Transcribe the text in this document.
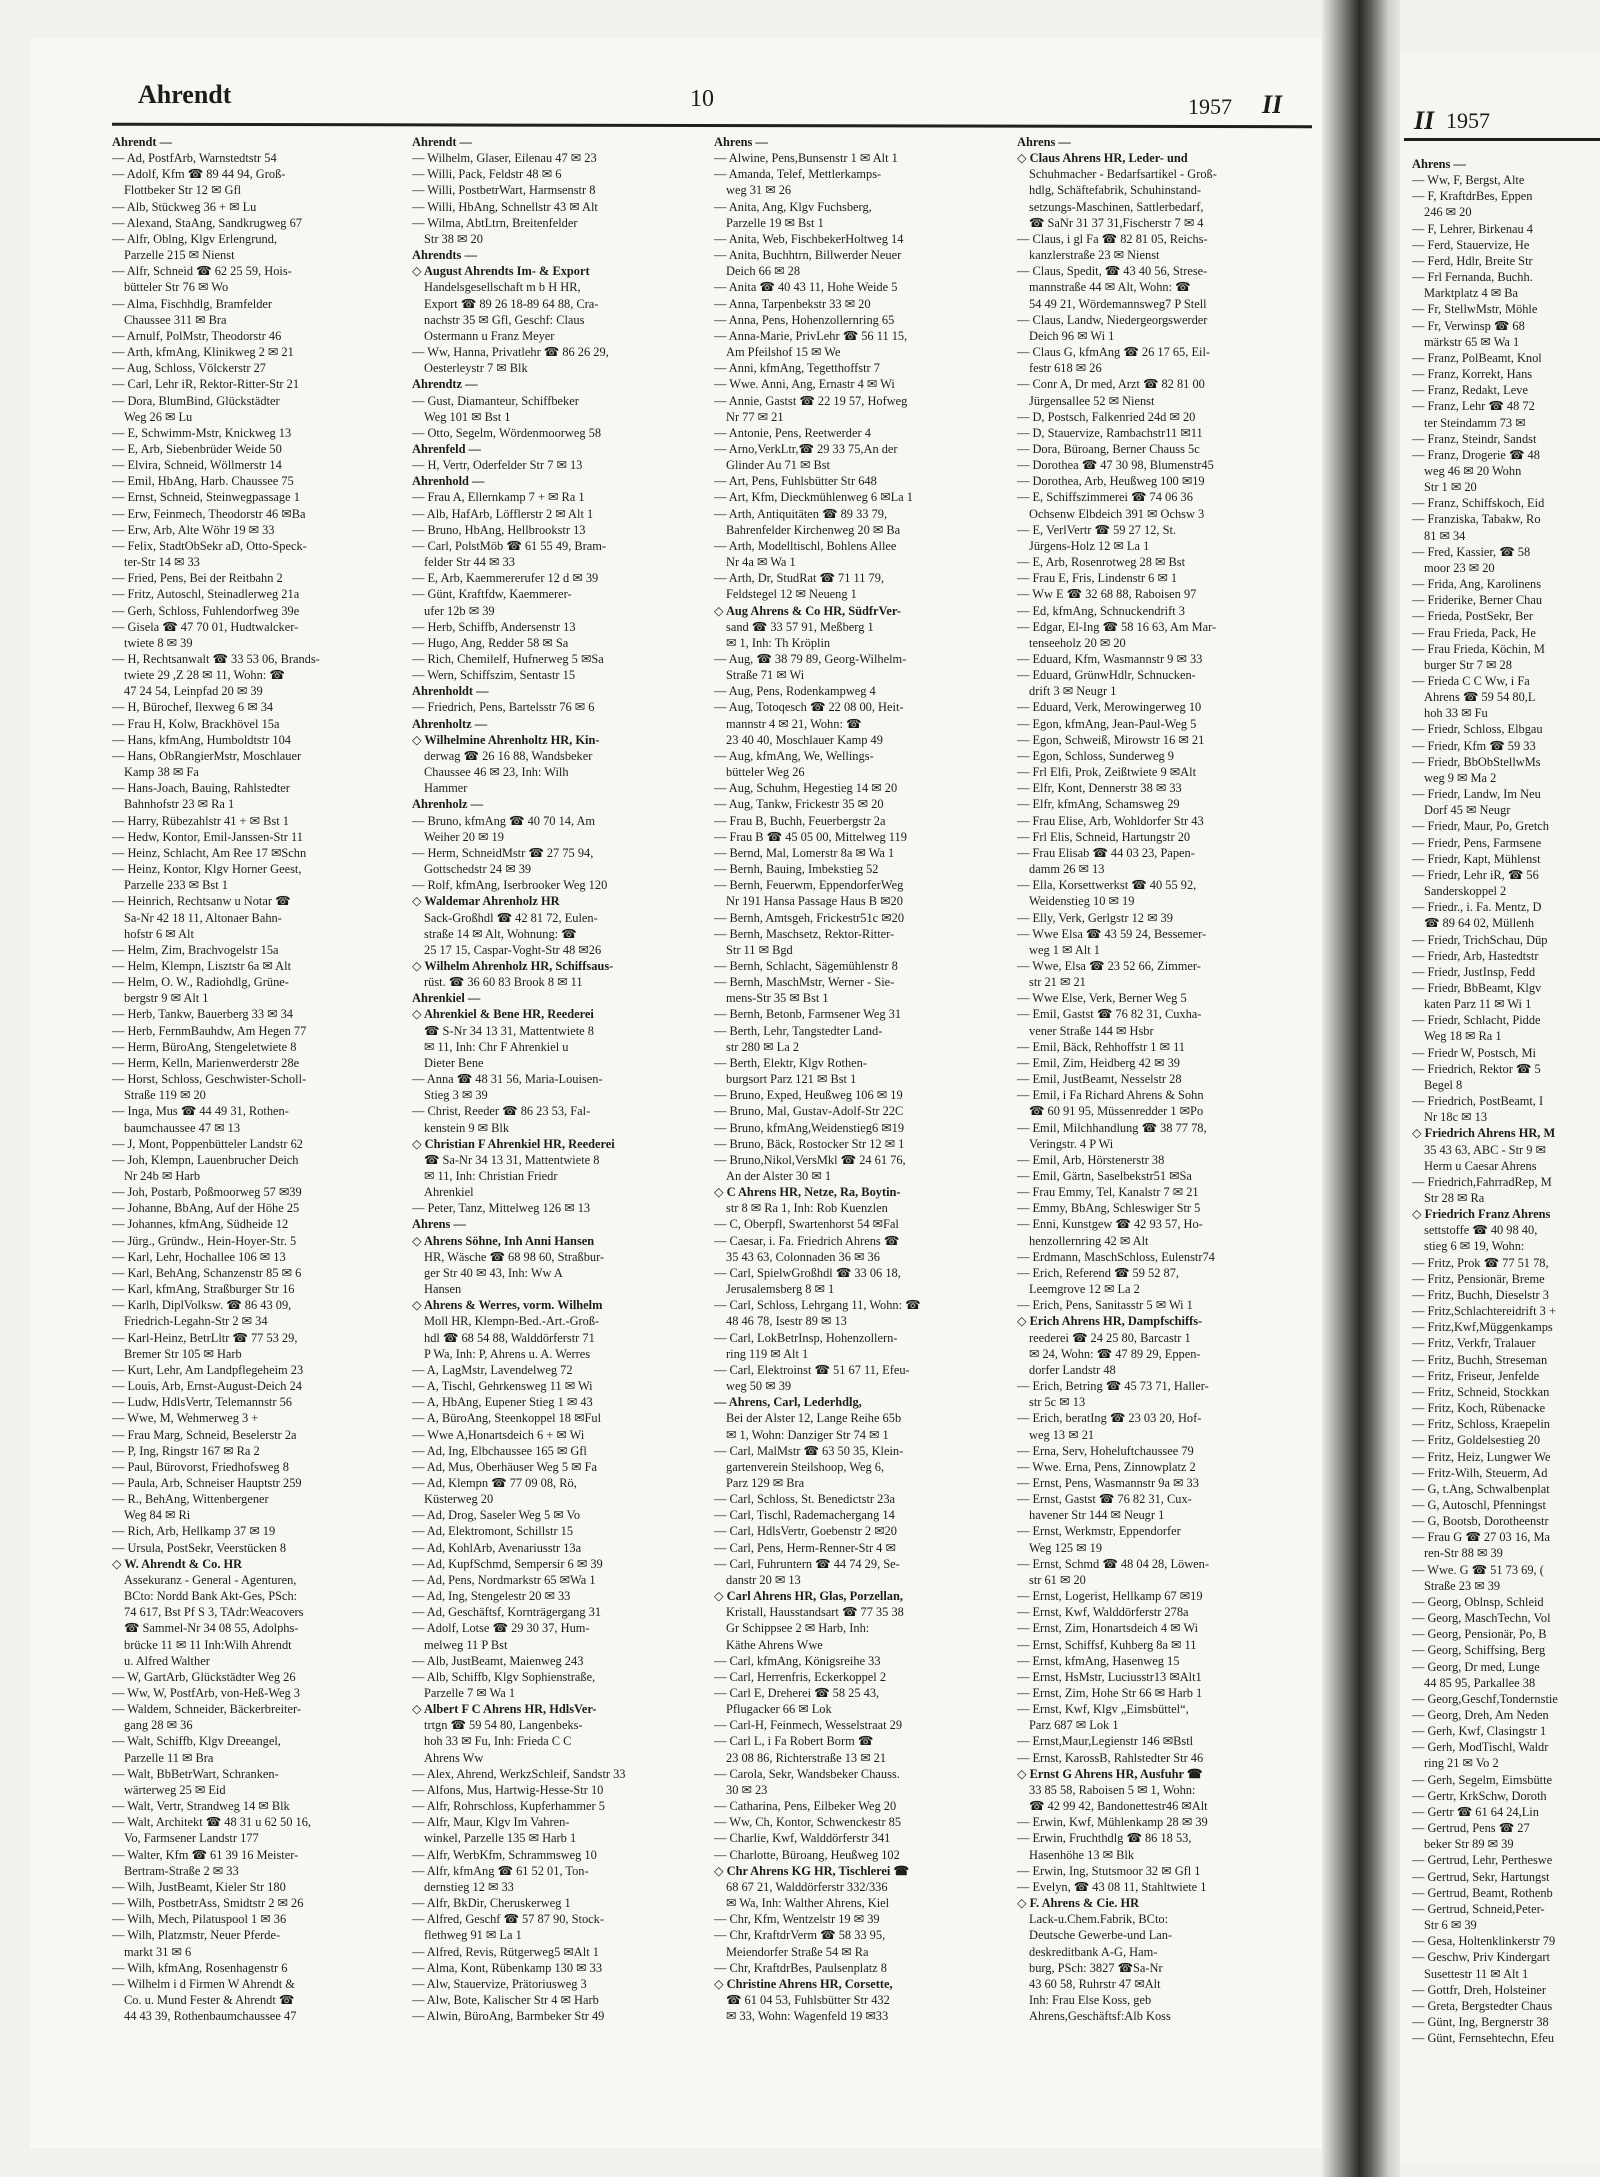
Ahrendt	10	1957 II
II 1957
Ahrendt —
— Ad, PostfArb, Warnstedtstr 54
— Adolf, Kfm ☎ 89 44 94, Groß-
Flottbeker Str 12 ✉ Gfl
— Alb, Stückweg 36 + ✉ Lu
— Alexand, StaAng, Sandkrugweg 67
— Alfr, Oblng, Klgv Erlengrund,
Parzelle 215 ✉ Nienst
— Alfr, Schneid ☎ 62 25 59, Hois-
bütteler Str 76 ✉ Wo
— Alma, Fischhdlg, Bramfelder
Chaussee 311 ✉ Bra
— Arnulf, PolMstr, Theodorstr 46
— Arth, kfmAng, Klinikweg 2 ✉ 21
— Aug, Schloss, Völckerstr 27
— Carl, Lehr iR, Rektor-Ritter-Str 21
— Dora, BlumBind, Glückstädter
Weg 26 ✉ Lu
— E, Schwimm-Mstr, Knickweg 13
— E, Arb, Siebenbrüder Weide 50
— Elvira, Schneid, Wöllmerstr 14
— Emil, HbAng, Harb. Chaussee 75
— Ernst, Schneid, Steinwegpassage 1
— Erw, Feinmech, Theodorstr 46 ✉Ba
— Erw, Arb, Alte Wöhr 19 ✉ 33
— Felix, StadtObSekr aD, Otto-Speck-
ter-Str 14 ✉ 33
— Fried, Pens, Bei der Reitbahn 2
— Fritz, Autoschl, Steinadlerweg 21a
— Gerh, Schloss, Fuhlendorfweg 39e
— Gisela ☎ 47 70 01, Hudtwalcker-
twiete 8 ✉ 39
— H, Rechtsanwalt ☎ 33 53 06, Brands-
twiete 29 ,Z 28 ✉ 11, Wohn: ☎
47 24 54, Leinpfad 20 ✉ 39
— H, Bürochef, Ilexweg 6 ✉ 34
— Frau H, Kolw, Brackhövel 15a
— Hans, kfmAng, Humboldtstr 104
— Hans, ObRangierMstr, Moschlauer
Kamp 38 ✉ Fa
— Hans-Joach, Bauing, Rahlstedter
Bahnhofstr 23 ✉ Ra 1
— Harry, Rübezahlstr 41 + ✉ Bst 1
— Hedw, Kontor, Emil-Janssen-Str 11
— Heinz, Schlacht, Am Ree 17 ✉Schn
— Heinz, Kontor, Klgv Horner Geest,
Parzelle 233 ✉ Bst 1
— Heinrich, Rechtsanw u Notar ☎
Sa-Nr 42 18 11, Altonaer Bahn-
hofstr 6 ✉ Alt
— Helm, Zim, Brachvogelstr 15a
— Helm, Klempn, Lisztstr 6a ✉ Alt
— Helm, O. W., Radiohdlg, Grüne-
bergstr 9 ✉ Alt 1
— Herb, Tankw, Bauerberg 33 ✉ 34
— Herb, FernmBauhdw, Am Hegen 77
— Herm, BüroAng, Stengeletwiete 8
— Herm, Kelln, Marienwerderstr 28e
— Horst, Schloss, Geschwister-Scholl-
Straße 119 ✉ 20
— Inga, Mus ☎ 44 49 31, Rothen-
baumchaussee 47 ✉ 13
— J, Mont, Poppenbütteler Landstr 62
— Joh, Klempn, Lauenbrucher Deich
Nr 24b ✉ Harb
— Joh, Postarb, Poßmoorweg 57 ✉39
— Johanne, BbAng, Auf der Höhe 25
— Johannes, kfmAng, Südheide 12
— Jürg., Gründw., Hein-Hoyer-Str. 5
— Karl, Lehr, Hochallee 106 ✉ 13
— Karl, BehAng, Schanzenstr 85 ✉ 6
— Karl, kfmAng, Straßburger Str 16
— Karlh, DiplVolksw. ☎ 86 43 09,
Friedrich-Legahn-Str 2 ✉ 34
— Karl-Heinz, BetrLltr ☎ 77 53 29,
Bremer Str 105 ✉ Harb
— Kurt, Lehr, Am Landpflegeheim 23
— Louis, Arb, Ernst-August-Deich 24
— Ludw, HdlsVertr, Telemannstr 56
— Wwe, M, Wehmerweg 3 +
— Frau Marg, Schneid, Beselerstr 2a
— P, Ing, Ringstr 167 ✉ Ra 2
— Paul, Bürovorst, Friedhofsweg 8
— Paula, Arb, Schneiser Hauptstr 259
— R., BehAng, Wittenbergener
Weg 84 ✉ Ri
— Rich, Arb, Hellkamp 37 ✉ 19
— Ursula, PostSekr, Veerstücken 8
◇ W. Ahrendt & Co. HR
Assekuranz - General - Agenturen,
BCto: Nordd Bank Akt-Ges, PSch:
74 617, Bst Pf S 3, TAdr:Weacovers
☎ Sammel-Nr 34 08 55, Adolphs-
brücke 11 ✉ 11 Inh:Wilh Ahrendt
u. Alfred Walther
— W, GartArb, Glückstädter Weg 26
— Ww, W, PostfArb, von-Heß-Weg 3
— Waldem, Schneider, Bäckerbreiter-
gang 28 ✉ 36
— Walt, Schiffb, Klgv Dreeangel,
Parzelle 11 ✉ Bra
— Walt, BbBetrWart, Schranken-
wärterweg 25 ✉ Eid
— Walt, Vertr, Strandweg 14 ✉ Blk
— Walt, Architekt ☎ 48 31 u 62 50 16,
Vo, Farmsener Landstr 177
— Walter, Kfm ☎ 61 39 16 Meister-
Bertram-Straße 2 ✉ 33
— Wilh, JustBeamt, Kieler Str 180
— Wilh, PostbetrAss, Smidtstr 2 ✉ 26
— Wilh, Mech, Pilatuspool 1 ✉ 36
— Wilh, Platzmstr, Neuer Pferde-
markt 31 ✉ 6
— Wilh, kfmAng, Rosenhagenstr 6
— Wilhelm i d Firmen W Ahrendt &
Co. u. Mund Fester & Ahrendt ☎
44 43 39, Rothenbaumchaussee 47
Ahrendt —
— Wilhelm, Glaser, Eilenau 47 ✉ 23
— Willi, Pack, Feldstr 48 ✉ 6
— Willi, PostbetrWart, Harmsenstr 8
— Willi, HbAng, Schnellstr 43 ✉ Alt
— Wilma, AbtLtrn, Breitenfelder
Str 38 ✉ 20
Ahrendts —
◇ August Ahrendts Im- & Export
Handelsgesellschaft m b H HR,
Export ☎ 89 26 18-89 64 88, Cra-
nachstr 35 ✉ Gfl, Geschf: Claus
Ostermann u Franz Meyer
— Ww, Hanna, Privatlehr ☎ 86 26 29,
Oesterleystr 7 ✉ Blk
Ahrendtz —
— Gust, Diamanteur, Schiffbeker
Weg 101 ✉ Bst 1
— Otto, Segelm, Wördenmoorweg 58
Ahrenfeld —
— H, Vertr, Oderfelder Str 7 ✉ 13
Ahrenhold —
— Frau A, Ellernkamp 7 + ✉ Ra 1
— Alb, HafArb, Löfflerstr 2 ✉ Alt 1
— Bruno, HbAng, Hellbrookstr 13
— Carl, PolstMöb ☎ 61 55 49, Bram-
felder Str 44 ✉ 33
— E, Arb, Kaemmererufer 12 d ✉ 39
— Günt, Kraftfdw, Kaemmerer-
ufer 12b ✉ 39
— Herb, Schiffb, Andersenstr 13
— Hugo, Ang, Redder 58 ✉ Sa
— Rich, Chemilelf, Hufnerweg 5 ✉Sa
— Wern, Schiffszim, Sentastr 15
Ahrenholdt —
— Friedrich, Pens, Bartelsstr 76 ✉ 6
Ahrenholtz —
◇ Wilhelmine Ahrenholtz HR, Kin-
derwag ☎ 26 16 88, Wandsbeker
Chaussee 46 ✉ 23, Inh: Wilh
Hammer
Ahrenholz —
— Bruno, kfmAng ☎ 40 70 14, Am
Weiher 20 ✉ 19
— Herm, SchneidMstr ☎ 27 75 94,
Gottschedstr 24 ✉ 39
— Rolf, kfmAng, Iserbrooker Weg 120
◇ Waldemar Ahrenholz HR
Sack-Großhdl ☎ 42 81 72, Eulen-
straße 14 ✉ Alt, Wohnung: ☎
25 17 15, Caspar-Voght-Str 48 ✉26
◇ Wilhelm Ahrenholz HR, Schiffsaus-
rüst. ☎ 36 60 83 Brook 8 ✉ 11
Ahrenkiel —
◇ Ahrenkiel & Bene HR, Reederei
☎ S-Nr 34 13 31, Mattentwiete 8
✉ 11, Inh: Chr F Ahrenkiel u
Dieter Bene
— Anna ☎ 48 31 56, Maria-Louisen-
Stieg 3 ✉ 39
— Christ, Reeder ☎ 86 23 53, Fal-
kenstein 9 ✉ Blk
◇ Christian F Ahrenkiel HR, Reederei
☎ Sa-Nr 34 13 31, Mattentwiete 8
✉ 11, Inh: Christian Friedr
Ahrenkiel
— Peter, Tanz, Mittelweg 126 ✉ 13
Ahrens —
◇ Ahrens Söhne, Inh Anni Hansen
HR, Wäsche ☎ 68 98 60, Straßbur-
ger Str 40 ✉ 43, Inh: Ww A
Hansen
◇ Ahrens & Werres, vorm. Wilhelm
Moll HR, Klempn-Bed.-Art.-Groß-
hdl ☎ 68 54 88, Walddörferstr 71
P Wa, Inh: P, Ahrens u. A. Werres
— A, LagMstr, Lavendelweg 72
— A, Tischl, Gehrkensweg 11 ✉ Wi
— A, HbAng, Eupener Stieg 1 ✉ 43
— A, BüroAng, Steenkoppel 18 ✉Ful
— Wwe A,Honartsdeich 6 + ✉ Wi
— Ad, Ing, Elbchaussee 165 ✉ Gfl
— Ad, Mus, Oberhäuser Weg 5 ✉ Fa
— Ad, Klempn ☎ 77 09 08, Rö,
Küsterweg 20
— Ad, Drog, Saseler Weg 5 ✉ Vo
— Ad, Elektromont, Schillstr 15
— Ad, KohlArb, Avenariusstr 13a
— Ad, KupfSchmd, Sempersir 6 ✉ 39
— Ad, Pens, Nordmarkstr 65 ✉Wa 1
— Ad, Ing, Stengelestr 20 ✉ 33
— Ad, Geschäftsf, Kornträgergang 31
— Adolf, Lotse ☎ 29 30 37, Hum-
melweg 11 P Bst
— Alb, JustBeamt, Maienweg 243
— Alb, Schiffb, Klgv Sophienstraße,
Parzelle 7 ✉ Wa 1
◇ Albert F C Ahrens HR, HdlsVer-
trtgn ☎ 59 54 80, Langenbeks-
hoh 33 ✉ Fu, Inh: Frieda C C
Ahrens Ww
— Alex, Ahrend, WerkzSchleif, Sandstr 33
— Alfons, Mus, Hartwig-Hesse-Str 10
— Alfr, Rohrschloss, Kupferhammer 5
— Alfr, Maur, Klgv Im Vahren-
winkel, Parzelle 135 ✉ Harb 1
— Alfr, WerbKfm, Schrammsweg 10
— Alfr, kfmAng ☎ 61 52 01, Ton-
dernstieg 12 ✉ 33
— Alfr, BkDir, Cheruskerweg 1
— Alfred, Geschf ☎ 57 87 90, Stock-
flethweg 91 ✉ La 1
— Alfred, Revis, Rütgerweg5 ✉Alt 1
— Alma, Kont, Rübenkamp 130 ✉ 33
— Alw, Stauervize, Prätoriusweg 3
— Alw, Bote, Kalischer Str 4 ✉ Harb
— Alwin, BüroAng, Barmbeker Str 49
Ahrens —
— Alwine, Pens,Bunsenstr 1 ✉ Alt 1
— Amanda, Telef, Mettlerkamps-
weg 31 ✉ 26
— Anita, Ang, Klgv Fuchsberg,
Parzelle 19 ✉ Bst 1
— Anita, Web, FischbekerHoltweg 14
— Anita, Buchhtrn, Billwerder Neuer
Deich 66 ✉ 28
— Anita ☎ 40 43 11, Hohe Weide 5
— Anna, Tarpenbekstr 33 ✉ 20
— Anna, Pens, Hohenzollernring 65
— Anna-Marie, PrivLehr ☎ 56 11 15,
Am Pfeilshof 15 ✉ We
— Anni, kfmAng, Tegetthoffstr 7
— Wwe. Anni, Ang, Ernastr 4 ✉ Wi
— Annie, Gastst ☎ 22 19 57, Hofweg
Nr 77 ✉ 21
— Antonie, Pens, Reetwerder 4
— Arno,VerkLtr,☎ 29 33 75,An der
Glinder Au 71 ✉ Bst
— Art, Pens, Fuhlsbütter Str 648
— Art, Kfm, Dieckmühlenweg 6 ✉La 1
— Arth, Antiquitäten ☎ 89 33 79,
Bahrenfelder Kirchenweg 20 ✉ Ba
— Arth, Modelltischl, Bohlens Allee
Nr 4a ✉ Wa 1
— Arth, Dr, StudRat ☎ 71 11 79,
Feldstegel 12 ✉ Neueng 1
◇ Aug Ahrens & Co HR, SüdfrVer-
sand ☎ 33 57 91, Meßberg 1
✉ 1, Inh: Th Kröplin
— Aug, ☎ 38 79 89, Georg-Wilhelm-
Straße 71 ✉ Wi
— Aug, Pens, Rodenkampweg 4
— Aug, Totoqesch ☎ 22 08 00, Heit-
mannstr 4 ✉ 21, Wohn: ☎
23 40 40, Moschlauer Kamp 49
— Aug, kfmAng, We, Wellings-
bütteler Weg 26
— Aug, Schuhm, Hegestieg 14 ✉ 20
— Aug, Tankw, Frickestr 35 ✉ 20
— Frau B, Buchh, Feuerbergstr 2a
— Frau B ☎ 45 05 00, Mittelweg 119
— Bernd, Mal, Lomerstr 8a ✉ Wa 1
— Bernh, Bauing, Imbekstieg 52
— Bernh, Feuerwm, EppendorferWeg
Nr 191 Hansa Passage Haus B ✉20
— Bernh, Amtsgeh, Frickestr51c ✉20
— Bernh, Maschsetz, Rektor-Ritter-
Str 11 ✉ Bgd
— Bernh, Schlacht, Sägemühlenstr 8
— Bernh, MaschMstr, Werner - Sie-
mens-Str 35 ✉ Bst 1
— Bernh, Betonb, Farmsener Weg 31
— Berth, Lehr, Tangstedter Land-
str 280 ✉ La 2
— Berth, Elektr, Klgv Rothen-
burgsort Parz 121 ✉ Bst 1
— Bruno, Exped, Heußweg 106 ✉ 19
— Bruno, Mal, Gustav-Adolf-Str 22C
— Bruno, kfmAng,Weidenstieg6 ✉19
— Bruno, Bäck, Rostocker Str 12 ✉ 1
— Bruno,Nikol,VersMkl ☎ 24 61 76,
An der Alster 30 ✉ 1
◇ C Ahrens HR, Netze, Ra, Boytin-
str 8 ✉ Ra 1, Inh: Rob Kuenzlen
— C, Oberpfl, Swartenhorst 54 ✉Fal
— Caesar, i. Fa. Friedrich Ahrens ☎
35 43 63, Colonnaden 36 ✉ 36
— Carl, SpielwGroßhdl ☎ 33 06 18,
Jerusalemsberg 8 ✉ 1
— Carl, Schloss, Lehrgang 11, Wohn: ☎
48 46 78, Isestr 89 ✉ 13
— Carl, LokBetrInsp, Hohenzollern-
ring 119 ✉ Alt 1
— Carl, Elektroinst ☎ 51 67 11, Efeu-
weg 50 ✉ 39
— Ahrens, Carl, Lederhdlg,
Bei der Alster 12, Lange Reihe 65b
✉ 1, Wohn: Danziger Str 74 ✉ 1
— Carl, MalMstr ☎ 63 50 35, Klein-
gartenverein Steilshoop, Weg 6,
Parz 129 ✉ Bra
— Carl, Schloss, St. Benedictstr 23a
— Carl, Tischl, Rademachergang 14
— Carl, HdlsVertr, Goebenstr 2 ✉20
— Carl, Pens, Herm-Renner-Str 4 ✉
— Carl, Fuhruntern ☎ 44 74 29, Se-
danstr 20 ✉ 13
◇ Carl Ahrens HR, Glas, Porzellan,
Kristall, Hausstandsart ☎ 77 35 38
Gr Schippsee 2 ✉ Harb, Inh:
Käthe Ahrens Wwe
— Carl, kfmAng, Königsreihe 33
— Carl, Herrenfris, Eckerkoppel 2
— Carl E, Dreherei ☎ 58 25 43,
Pflugacker 66 ✉ Lok
— Carl-H, Feinmech, Wesselstraat 29
— Carl L, i Fa Robert Borm ☎
23 08 86, Richterstraße 13 ✉ 21
— Carola, Sekr, Wandsbeker Chauss.
30 ✉ 23
— Catharina, Pens, Eilbeker Weg 20
— Ww, Ch, Kontor, Schwenckestr 85
— Charlie, Kwf, Walddörferstr 341
— Charlotte, Büroang, Heußweg 102
◇ Chr Ahrens KG HR, Tischlerei ☎
68 67 21, Walddörferstr 332/336
✉ Wa, Inh: Walther Ahrens, Kiel
— Chr, Kfm, Wentzelstr 19 ✉ 39
— Chr, KraftdrVerm ☎ 58 33 95,
Meiendorfer Straße 54 ✉ Ra
— Chr, KraftdrBes, Paulsenplatz 8
◇ Christine Ahrens HR, Corsette,
☎ 61 04 53, Fuhlsbütter Str 432
✉ 33, Wohn: Wagenfeld 19 ✉33
Ahrens —
◇ Claus Ahrens HR, Leder- und
Schuhmacher - Bedarfsartikel - Groß-
hdlg, Schäftefabrik, Schuhinstand-
setzungs-Maschinen, Sattlerbedarf,
☎ SaNr 31 37 31,Fischerstr 7 ✉ 4
— Claus, i gl Fa ☎ 82 81 05, Reichs-
kanzlerstraße 23 ✉ Nienst
— Claus, Spedit, ☎ 43 40 56, Strese-
mannstraße 44 ✉ Alt, Wohn: ☎
54 49 21, Wördemannsweg7 P Stell
— Claus, Landw, Niedergeorgswerder
Deich 96 ✉ Wi 1
— Claus G, kfmAng ☎ 26 17 65, Eil-
festr 618 ✉ 26
— Conr A, Dr med, Arzt ☎ 82 81 00
Jürgensallee 52 ✉ Nienst
— D, Postsch, Falkenried 24d ✉ 20
— D, Stauervize, Rambachstr11 ✉11
— Dora, Büroang, Berner Chauss 5c
— Dorothea ☎ 47 30 98, Blumenstr45
— Dorothea, Arb, Heußweg 100 ✉19
— E, Schiffszimmerei ☎ 74 06 36
Ochsenw Elbdeich 391 ✉ Ochsw 3
— E, VerlVertr ☎ 59 27 12, St.
Jürgens-Holz 12 ✉ La 1
— E, Arb, Rosenrotweg 28 ✉ Bst
— Frau E, Fris, Lindenstr 6 ✉ 1
— Ww E ☎ 32 68 88, Raboisen 97
— Ed, kfmAng, Schnuckendrift 3
— Edgar, El-Ing ☎ 58 16 63, Am Mar-
tenseeholz 20 ✉ 20
— Eduard, Kfm, Wasmannstr 9 ✉ 33
— Eduard, GrünwHdlr, Schnucken-
drift 3 ✉ Neugr 1
— Eduard, Verk, Merowingerweg 10
— Egon, kfmAng, Jean-Paul-Weg 5
— Egon, Schweiß, Mirowstr 16 ✉ 21
— Egon, Schloss, Sunderweg 9
— Frl Elfi, Prok, Zeißtwiete 9 ✉Alt
— Elfr, Kont, Dennerstr 38 ✉ 33
— Elfr, kfmAng, Schamsweg 29
— Frau Elise, Arb, Wohldorfer Str 43
— Frl Elis, Schneid, Hartungstr 20
— Frau Elisab ☎ 44 03 23, Papen-
damm 26 ✉ 13
— Ella, Korsettwerkst ☎ 40 55 92,
Weidenstieg 10 ✉ 19
— Elly, Verk, Gerlgstr 12 ✉ 39
— Wwe Elsa ☎ 43 59 24, Bessemer-
weg 1 ✉ Alt 1
— Wwe, Elsa ☎ 23 52 66, Zimmer-
str 21 ✉ 21
— Wwe Else, Verk, Berner Weg 5
— Emil, Gastst ☎ 76 82 31, Cuxha-
vener Straße 144 ✉ Hsbr
— Emil, Bäck, Rehhoffstr 1 ✉ 11
— Emil, Zim, Heidberg 42 ✉ 39
— Emil, JustBeamt, Nesselstr 28
— Emil, i Fa Richard Ahrens & Sohn
☎ 60 91 95, Müssenredder 1 ✉Po
— Emil, Milchhandlung ☎ 38 77 78,
Veringstr. 4 P Wi
— Emil, Arb, Hörstenerstr 38
— Emil, Gärtn, Saselbekstr51 ✉Sa
— Frau Emmy, Tel, Kanalstr 7 ✉ 21
— Emmy, BbAng, Schleswiger Str 5
— Enni, Kunstgew ☎ 42 93 57, Ho-
henzollernring 42 ✉ Alt
— Erdmann, MaschSchloss, Eulenstr74
— Erich, Referend ☎ 59 52 87,
Leemgrove 12 ✉ La 2
— Erich, Pens, Sanitasstr 5 ✉ Wi 1
◇ Erich Ahrens HR, Dampfschiffs-
reederei ☎ 24 25 80, Barcastr 1
✉ 24, Wohn: ☎ 47 89 29, Eppen-
dorfer Landstr 48
— Erich, Betring ☎ 45 73 71, Haller-
str 5c ✉ 13
— Erich, beratIng ☎ 23 03 20, Hof-
weg 13 ✉ 21
— Erna, Serv, Hoheluftchaussee 79
— Wwe. Erna, Pens, Zinnowplatz 2
— Ernst, Pens, Wasmannstr 9a ✉ 33
— Ernst, Gastst ☎ 76 82 31, Cux-
havener Str 144 ✉ Neugr 1
— Ernst, Werkmstr, Eppendorfer
Weg 125 ✉ 19
— Ernst, Schmd ☎ 48 04 28, Löwen-
str 61 ✉ 20
— Ernst, Logerist, Hellkamp 67 ✉19
— Ernst, Kwf, Walddörferstr 278a
— Ernst, Zim, Honartsdeich 4 ✉ Wi
— Ernst, Schiffsf, Kuhberg 8a ✉ 11
— Ernst, kfmAng, Hasenweg 15
— Ernst, HsMstr, Luciusstr13 ✉Alt1
— Ernst, Zim, Hohe Str 66 ✉ Harb 1
— Ernst, Kwf, Klgv „Eimsbüttel“,
Parz 687 ✉ Lok 1
— Ernst,Maur,Legienstr 146 ✉Bstl
— Ernst, KarossB, Rahlstedter Str 46
◇ Ernst G Ahrens HR, Ausfuhr ☎
33 85 58, Raboisen 5 ✉ 1, Wohn:
☎ 42 99 42, Bandonettestr46 ✉Alt
— Erwin, Kwf, Mühlenkamp 28 ✉ 39
— Erwin, Fruchthdlg ☎ 86 18 53,
Hasenhöhe 13 ✉ Blk
— Erwin, Ing, Stutsmoor 32 ✉ Gfl 1
— Evelyn, ☎ 43 08 11, Stahltwiete 1
◇ F. Ahrens & Cie. HR
Lack-u.Chem.Fabrik, BCto:
Deutsche Gewerbe-und Lan-
deskreditbank A-G, Ham-
burg, PSch: 3827 ☎Sa-Nr
43 60 58, Ruhrstr 47 ✉Alt
Inh: Frau Else Koss, geb
Ahrens,Geschäftsf:Alb Koss
Ahrens —
— Ww, F, Bergst, Alte
— F, KraftdrBes, Eppen
246 ✉ 20
— F, Lehrer, Birkenau 4
— Ferd, Stauervize, He
— Ferd, Hdlr, Breite Str
— Frl Fernanda, Buchh.
Marktplatz 4 ✉ Ba
— Fr, StellwMstr, Möhle
— Fr, Verwinsp ☎ 68
märkstr 65 ✉ Wa 1
— Franz, PolBeamt, Knol
— Franz, Korrekt, Hans
— Franz, Redakt, Leve
— Franz, Lehr ☎ 48 72
ter Steindamm 73 ✉
— Franz, Steindr, Sandst
— Franz, Drogerie ☎ 48
weg 46 ✉ 20 Wohn
Str 1 ✉ 20
— Franz, Schiffskoch, Eid
— Franziska, Tabakw, Ro
81 ✉ 34
— Fred, Kassier, ☎ 58
moor 23 ✉ 20
— Frida, Ang, Karolinens
— Friderike, Berner Chau
— Frieda, PostSekr, Ber
— Frau Frieda, Pack, He
— Frau Frieda, Köchin, M
burger Str 7 ✉ 28
— Frieda C C Ww, i Fa
Ahrens ☎ 59 54 80,L
hoh 33 ✉ Fu
— Friedr, Schloss, Elbgau
— Friedr, Kfm ☎ 59 33
— Friedr, BbObStellwMs
weg 9 ✉ Ma 2
— Friedr, Landw, Im Neu
Dorf 45 ✉ Neugr
— Friedr, Maur, Po, Gretch
— Friedr, Pens, Farmsene
— Friedr, Kapt, Mühlenst
— Friedr, Lehr iR, ☎ 56
Sanderskoppel 2
— Friedr., i. Fa. Mentz, D
☎ 89 64 02, Müllenh
— Friedr, TrichSchau, Düp
— Friedr, Arb, Hastedtstr
— Friedr, JustInsp, Fedd
— Friedr, BbBeamt, Klgv
katen Parz 11 ✉ Wi 1
— Friedr, Schlacht, Pidde
Weg 18 ✉ Ra 1
— Friedr W, Postsch, Mi
— Friedrich, Rektor ☎ 5
Begel 8
— Friedrich, PostBeamt, I
Nr 18c ✉ 13
◇ Friedrich Ahrens HR, M
35 43 63, ABC - Str 9 ✉
Herm u Caesar Ahrens
— Friedrich,FahrradRep, M
Str 28 ✉ Ra
◇ Friedrich Franz Ahrens
settstoffe ☎ 40 98 40,
stieg 6 ✉ 19, Wohn:
— Fritz, Prok ☎ 77 51 78,
— Fritz, Pensionär, Breme
— Fritz, Buchh, Dieselstr 3
— Fritz,Schlachtereidrift 3 +
— Fritz,Kwf,Müggenkamps
— Fritz, Verkfr, Tralauer
— Fritz, Buchh, Streseman
— Fritz, Friseur, Jenfelde
— Fritz, Schneid, Stockkan
— Fritz, Koch, Rübenacke
— Fritz, Schloss, Kraepelin
— Fritz, Goldelsestieg 20
— Fritz, Heiz, Lungwer We
— Fritz-Wilh, Steuerm, Ad
— G, t.Ang, Schwalbenplat
— G, Autoschl, Pfenningst
— G, Bootsb, Dorotheenstr
— Frau G ☎ 27 03 16, Ma
ren-Str 88 ✉ 39
— Wwe. G ☎ 51 73 69, (
Straße 23 ✉ 39
— Georg, Oblnsp, Schleid
— Georg, MaschTechn, Vol
— Georg, Pensionär, Po, B
— Georg, Schiffsing, Berg
— Georg, Dr med, Lunge
44 85 95, Parkallee 38
— Georg,Geschf,Tondernstie
— Georg, Dreh, Am Neden
— Gerh, Kwf, Clasingstr 1
— Gerh, ModTischl, Waldr
ring 21 ✉ Vo 2
— Gerh, Segelm, Eimsbütte
— Gertr, KrkSchw, Doroth
— Gertr ☎ 61 64 24,Lin
— Gertrud, Pens ☎ 27
beker Str 89 ✉ 39
— Gertrud, Lehr, Pertheswe
— Gertrud, Sekr, Hartungst
— Gertrud, Beamt, Rothenb
— Gertrud, Schneid,Peter-
Str 6 ✉ 39
— Gesa, Holtenklinkerstr 79
— Geschw, Priv Kindergart
Susettestr 11 ✉ Alt 1
— Gottfr, Dreh, Holsteiner
— Greta, Bergstedter Chaus
— Günt, Ing, Bergnerstr 38
— Günt, Fernsehtechn, Efeu
